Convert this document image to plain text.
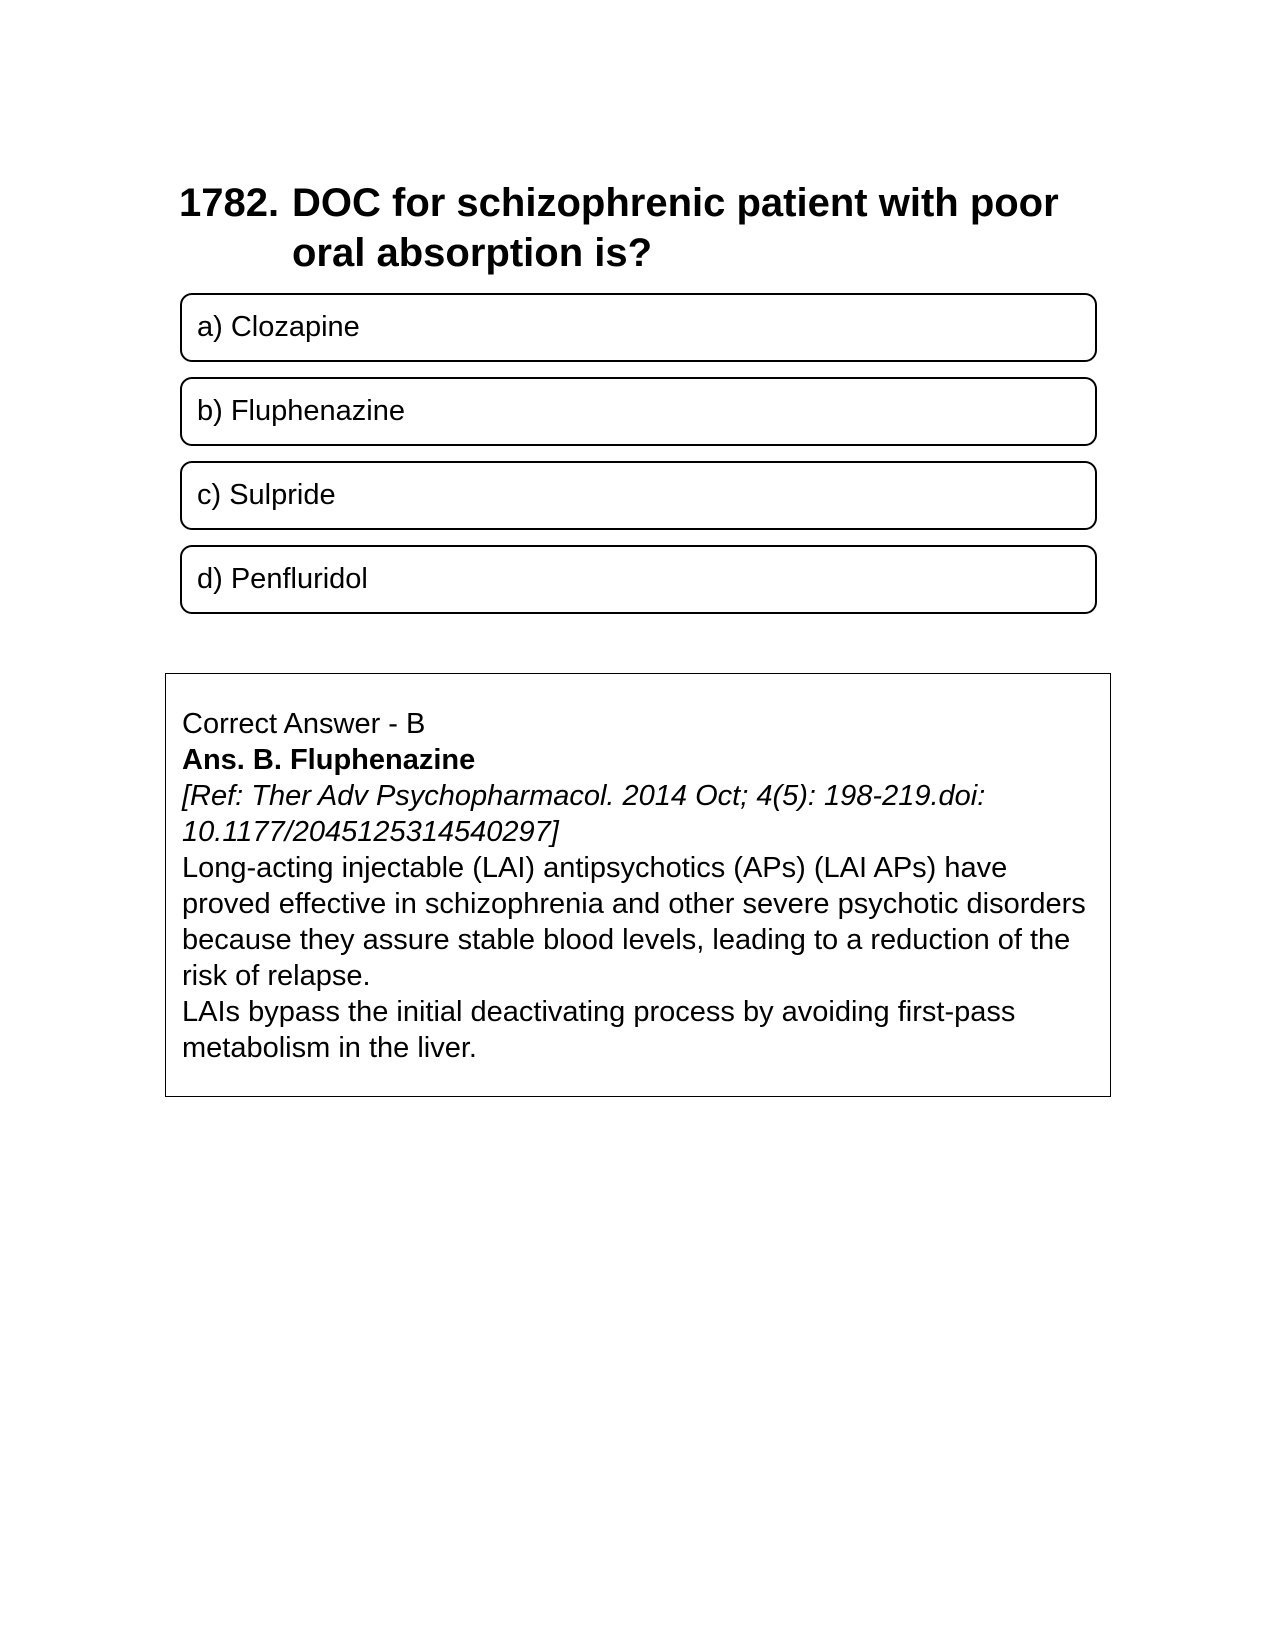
1782. DOC for schizophrenic patient with poor oral absorption is?
a) Clozapine
b) Fluphenazine
c) Sulpride
d) Penfluridol
Correct Answer - B
Ans. B. Fluphenazine
[Ref: Ther Adv Psychopharmacol. 2014 Oct; 4(5): 198-219.doi: 10.1177/2045125314540297]
Long-acting injectable (LAI) antipsychotics (APs) (LAI APs) have proved effective in schizophrenia and other severe psychotic disorders because they assure stable blood levels, leading to a reduction of the risk of relapse.
LAIs bypass the initial deactivating process by avoiding first-pass metabolism in the liver.
